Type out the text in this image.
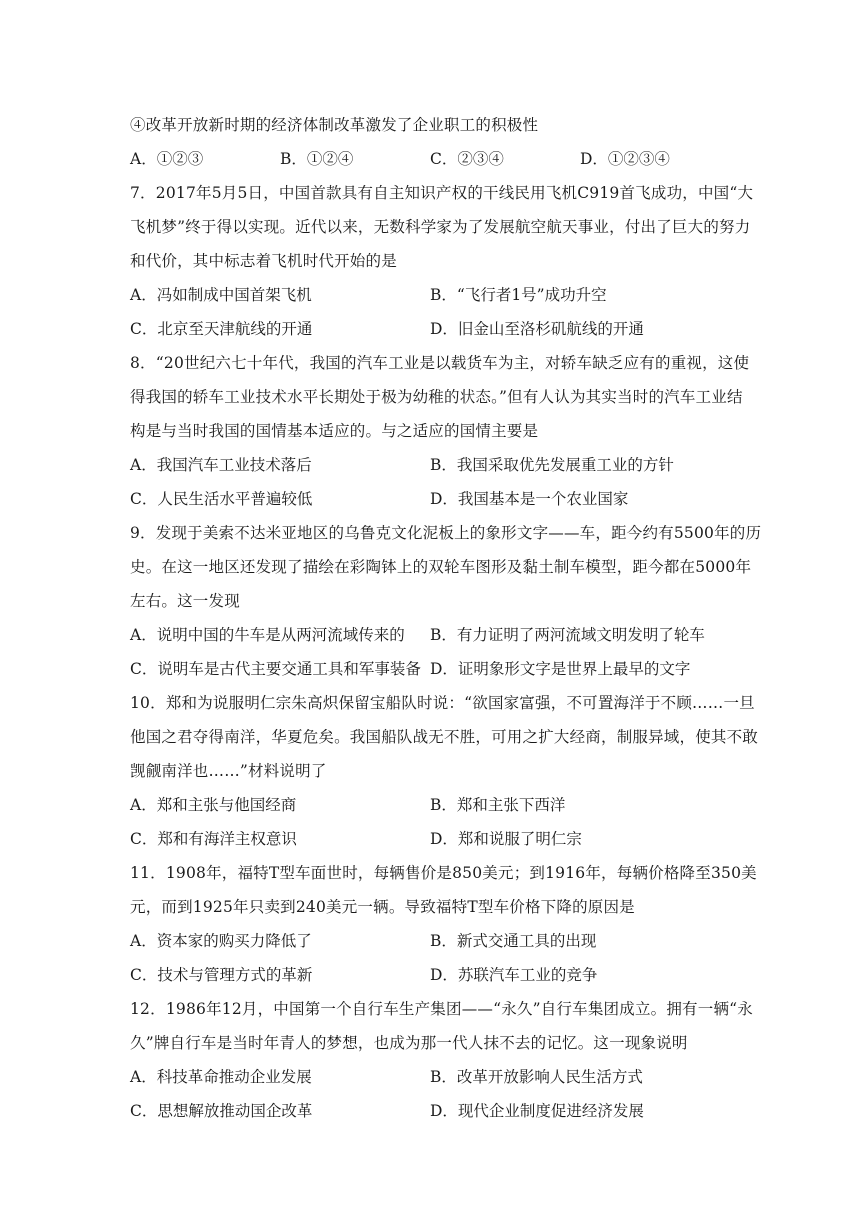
④改革开放新时期的经济体制改革激发了企业职工的积极性
A．①②③	B．①②④	C．②③④	D．①②③④
7．2017年5月5日，中国首款具有自主知识产权的干线民用飞机C919首飞成功，中国“大
飞机梦”终于得以实现。近代以来，无数科学家为了发展航空航天事业，付出了巨大的努力
和代价，其中标志着飞机时代开始的是
A．冯如制成中国首架飞机	B．“飞行者1号”成功升空
C．北京至天津航线的开通	D．旧金山至洛杉矶航线的开通
8．“20世纪六七十年代，我国的汽车工业是以载货车为主，对轿车缺乏应有的重视，这使
得我国的轿车工业技术水平长期处于极为幼稚的状态。”但有人认为其实当时的汽车工业结
构是与当时我国的国情基本适应的。与之适应的国情主要是
A．我国汽车工业技术落后	B．我国采取优先发展重工业的方针
C．人民生活水平普遍较低	D．我国基本是一个农业国家
9．发现于美索不达米亚地区的乌鲁克文化泥板上的象形文字——车，距今约有5500年的历
史。在这一地区还发现了描绘在彩陶钵上的双轮车图形及黏土制车模型，距今都在5000年
左右。这一发现
A．说明中国的牛车是从两河流域传来的	B．有力证明了两河流域文明发明了轮车
C．说明车是古代主要交通工具和军事装备 D．证明象形文字是世界上最早的文字
10．郑和为说服明仁宗朱高炽保留宝船队时说：“欲国家富强，不可置海洋于不顾……一旦
他国之君夺得南洋，华夏危矣。我国船队战无不胜，可用之扩大经商，制服异域，使其不敢
觊觎南洋也……”材料说明了
A．郑和主张与他国经商	B．郑和主张下西洋
C．郑和有海洋主权意识	D．郑和说服了明仁宗
11．1908年，福特T型车面世时，每辆售价是850美元；到1916年，每辆价格降至350美
元，而到1925年只卖到240美元一辆。导致福特T型车价格下降的原因是
A．资本家的购买力降低了	B．新式交通工具的出现
C．技术与管理方式的革新	D．苏联汽车工业的竞争
12．1986年12月，中国第一个自行车生产集团——“永久”自行车集团成立。拥有一辆“永
久”牌自行车是当时年青人的梦想，也成为那一代人抹不去的记忆。这一现象说明
A．科技革命推动企业发展	B．改革开放影响人民生活方式
C．思想解放推动国企改革	D．现代企业制度促进经济发展
